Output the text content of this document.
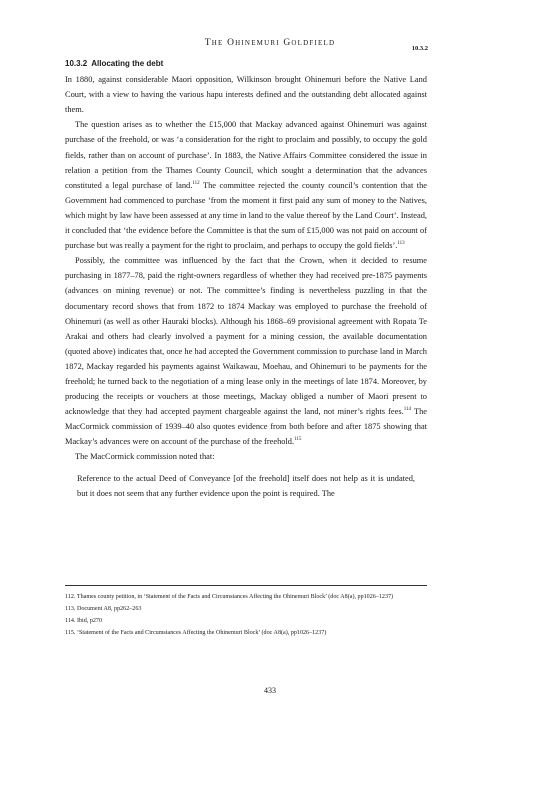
The Ohinemuri Goldfield
10.3.2
10.3.2 Allocating the debt

In 1880, against considerable Maori opposition, Wilkinson brought Ohinemuri before the Native Land Court, with a view to having the various hapu interests defined and the outstanding debt allocated against them.

The question arises as to whether the £15,000 that Mackay advanced against Ohinemuri was against purchase of the freehold, or was ‘a consideration for the right to proclaim and possibly, to occupy the gold fields, rather than on account of purchase’. In 1883, the Native Affairs Committee considered the issue in relation a petition from the Thames County Council, which sought a determination that the advances constituted a legal purchase of land.$^{112}$ The committee rejected the county council’s contention that the Government had commenced to purchase ‘from the moment it first paid any sum of money to the Natives, which might by law have been assessed at any time in land to the value thereof by the Land Court’. Instead, it concluded that ‘the evidence before the Committee is that the sum of £15,000 was not paid on account of purchase but was really a payment for the right to proclaim, and perhaps to occupy the gold fields’.$^{113}$

Possibly, the committee was influenced by the fact that the Crown, when it decided to resume purchasing in 1877–78, paid the right-owners regardless of whether they had received pre-1875 payments (advances on mining revenue) or not. The committee’s finding is nevertheless puzzling in that the documentary record shows that from 1872 to 1874 Mackay was employed to purchase the freehold of Ohinemuri (as well as other Hauraki blocks). Although his 1868–69 provisional agreement with Ropata Te Arakai and others had clearly involved a payment for a mining cession, the available documentation (quoted above) indicates that, once he had accepted the Government commission to purchase land in March 1872, Mackay regarded his payments against Waikawau, Moehau, and Ohinemuri to be payments for the freehold; he turned back to the negotiation of a ming lease only in the meetings of late 1874. Moreover, by producing the receipts or vouchers at those meetings, Mackay obliged a number of Maori present to acknowledge that they had accepted payment chargeable against the land, not miner’s rights fees.$^{114}$ The MacCormick commission of 1939–40 also quotes evidence from both before and after 1875 showing that Mackay’s advances were on account of the purchase of the freehold.$^{115}$

The MacCormick commission noted that:

Reference to the actual Deed of Conveyance [of the freehold] itself does not help as it is undated, but it does not seem that any further evidence upon the point is required. The

112. Thames county petition, in ‘Statement of the Facts and Circumstances Affecting the Ohinemuri Block’ (doc A8(a), pp1026–1237)
113. Document A8, pp262–263
114. Ibid, p270
115. ‘Statement of the Facts and Circumstances Affecting the Ohinemuri Block’ (doc A8(a), pp1026–1237)
433
